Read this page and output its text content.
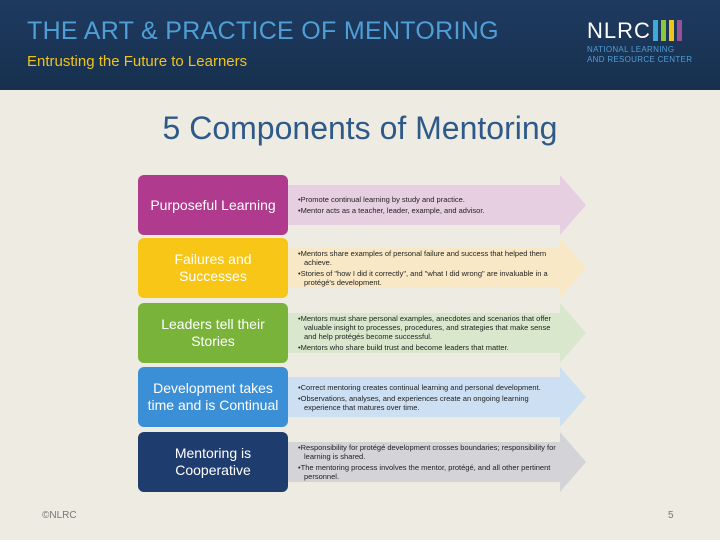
THE ART & PRACTICE OF MENTORING
Entrusting the Future to Learners
NLRC
NATIONAL LEARNING
AND RESOURCE CENTER
5 Components of Mentoring
Purposeful Learning	•Promote continual learning by study and practice.
•Mentor acts as a teacher, leader, example, and advisor.
Failures and Successes
•Mentors share examples of personal failure and success that helped them achieve.
•Stories of "how I did it correctly", and "what I did wrong" are invaluable in a protégé's development.
Leaders tell their Stories
•Mentors must share personal examples, anecdotes and scenarios that offer valuable insight to processes, procedures, and strategies that make sense and help protégés become successful.
•Mentors who share build trust and become leaders that matter.
Development takes time and is Continual
•Correct mentoring creates continual learning and personal development.
•Observations, analyses, and experiences create an ongoing learning experience that matures over time.
Mentoring is Cooperative
•Responsibility for protégé development crosses boundaries; responsibility for learning is shared.
•The mentoring process involves the mentor, protégé, and all other pertinent personnel.
©NLRC	5
